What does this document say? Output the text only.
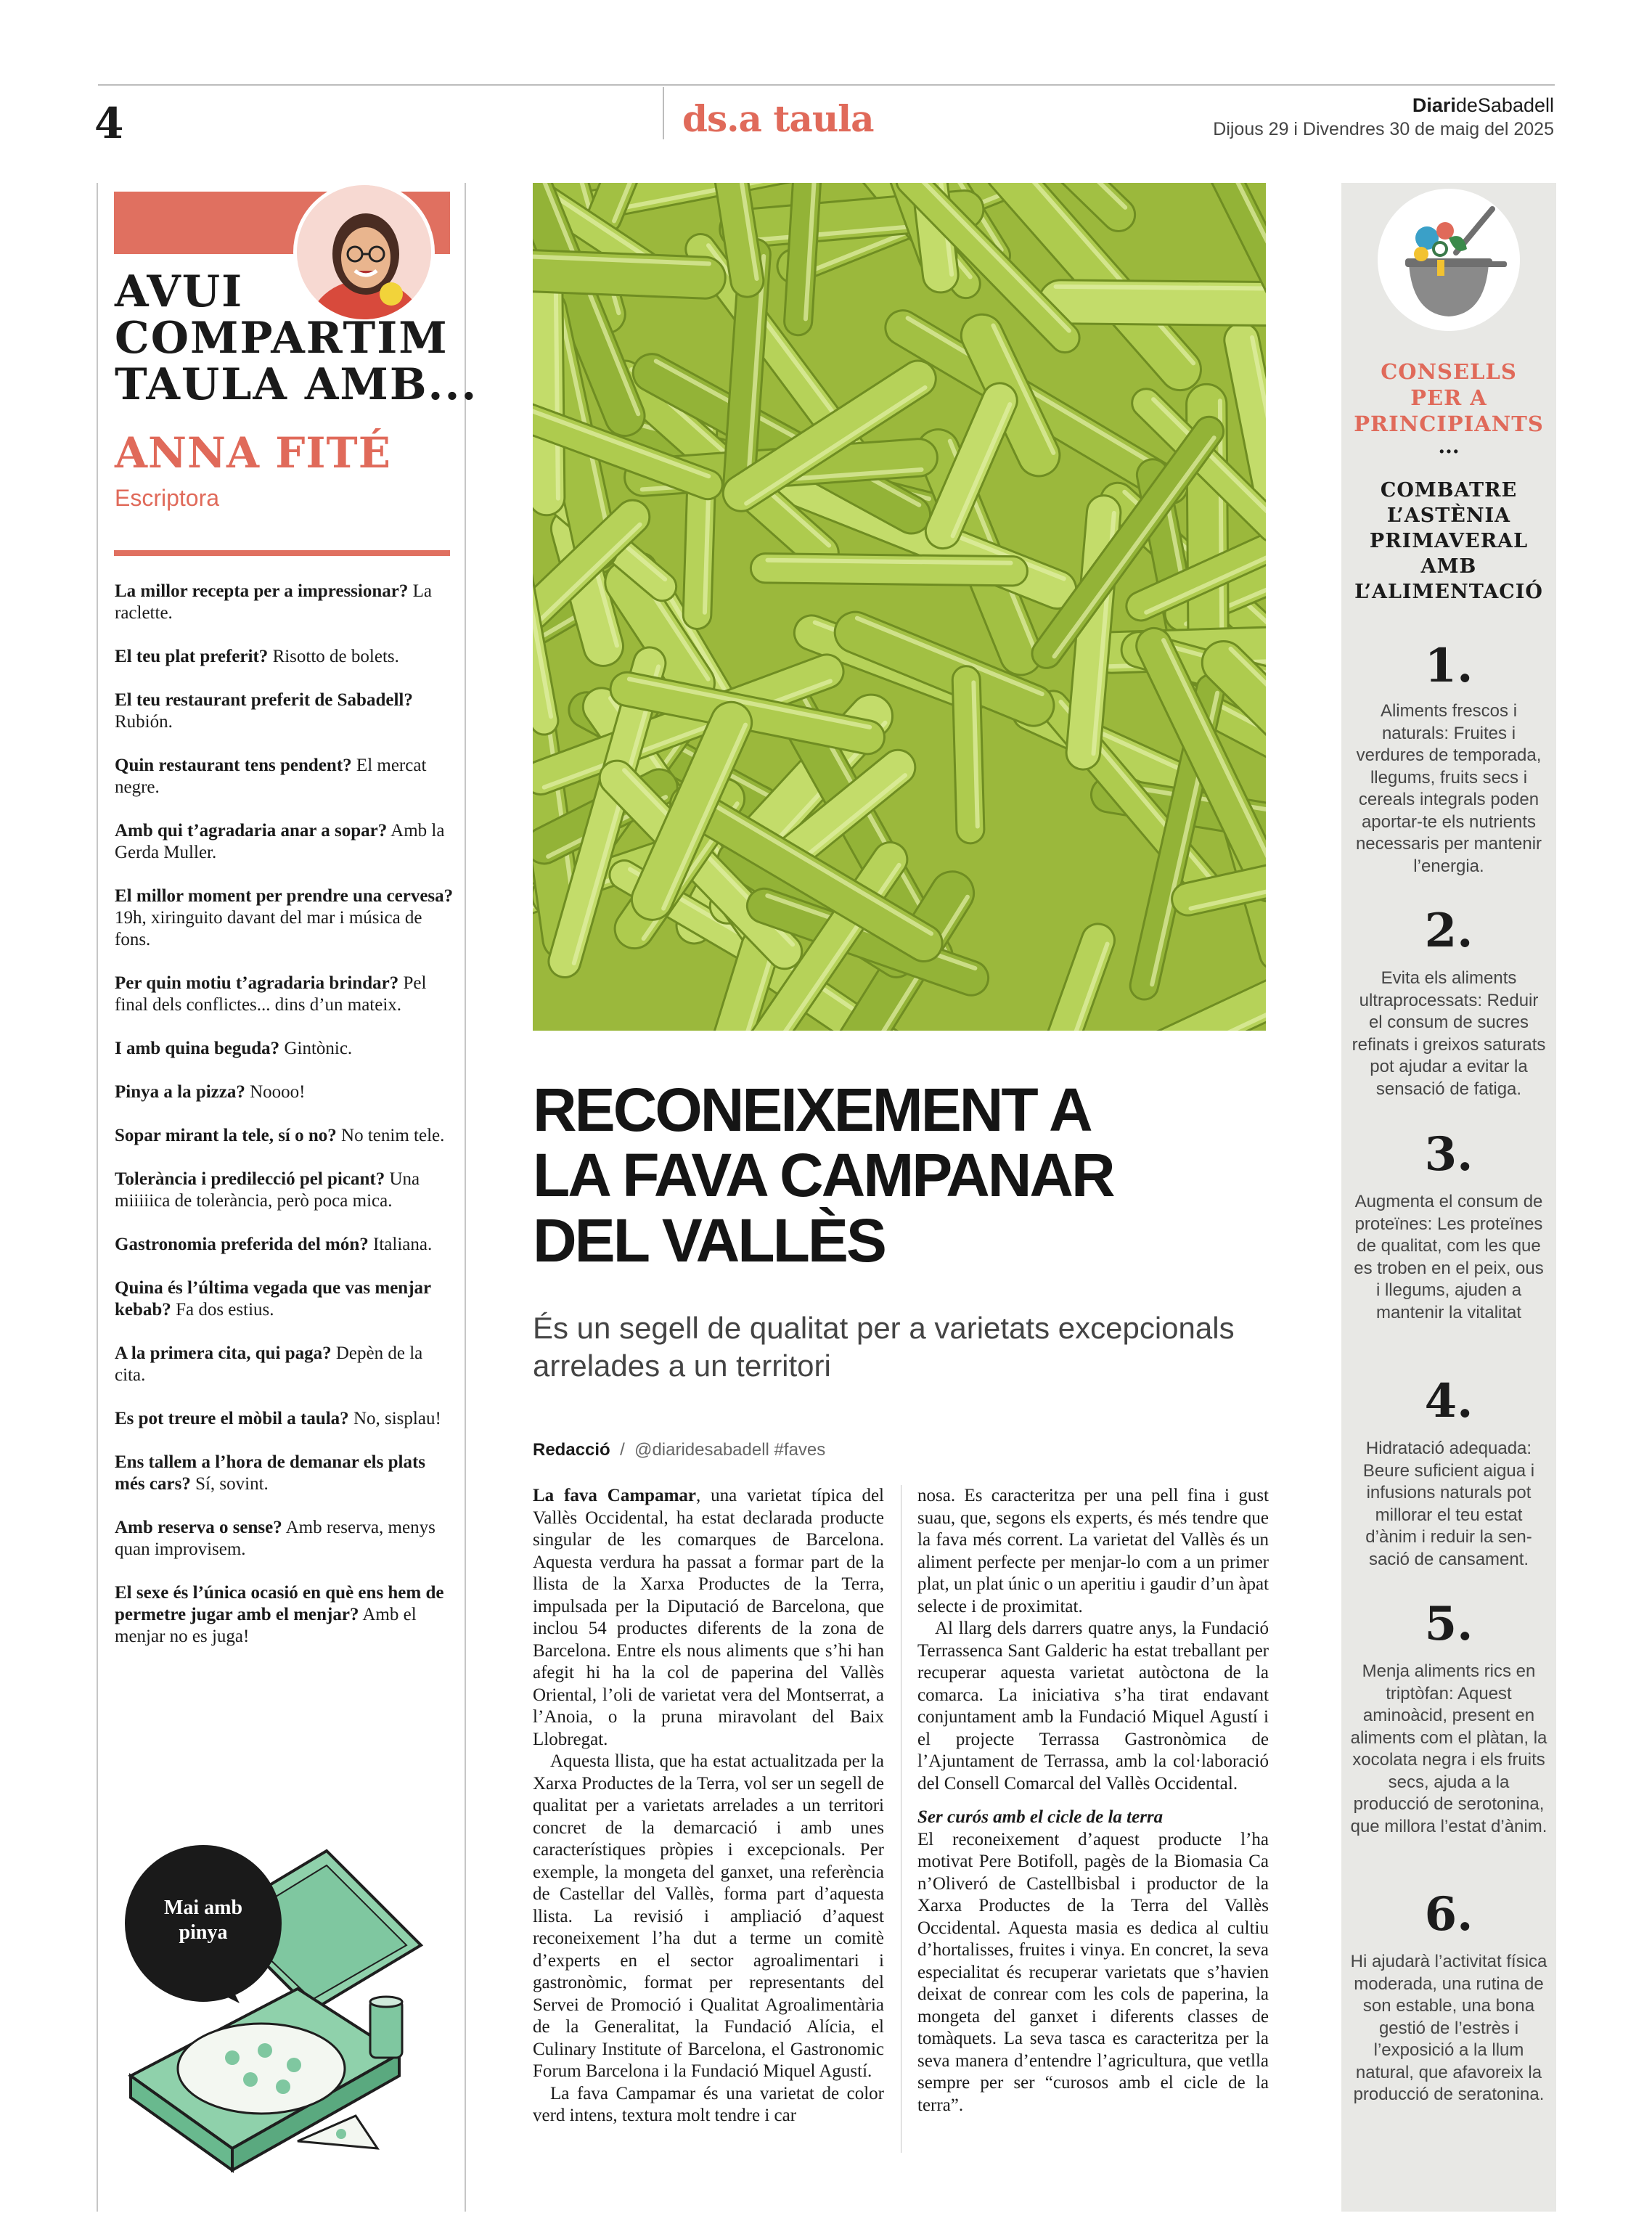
4	ds.a taula	DiarideSabadell
Dijous 29 i Divendres 30 de maig del 2025
AVUI
COMPARTIM
TAULA AMB...
ANNA FITÉ
Escriptora
La millor recepta per a impressionar? La raclette.
El teu plat preferit? Risotto de bolets.
El teu restaurant preferit de Sabadell? Rubión.
Quin restaurant tens pendent? El mercat negre.
Amb qui t’agradaria anar a sopar? Amb la Gerda Muller.
El millor moment per prendre una cervesa? 19h, xiringuito davant del mar i música de fons.
Per quin motiu t’agradaria brindar? Pel final dels conflictes... dins d’un mateix.
I amb quina beguda? Gintònic.
Pinya a la pizza? Noooo!
Sopar mirant la tele, sí o no? No tenim tele.
Tolerància i predilecció pel picant? Una miiiiica de tolerància, però poca mica.
Gastronomia preferida del món? Italiana.
Quina és l’última vegada que vas menjar kebab? Fa dos estius.
A la primera cita, qui paga? Depèn de la cita.
Es pot treure el mòbil a taula? No, sisplau!
Ens tallem a l’hora de demanar els plats més cars? Sí, sovint.
Amb reserva o sense? Amb reserva, menys quan improvisem.
El sexe és l’única ocasió en què ens hem de permetre jugar amb el menjar? Amb el menjar no es juga!
Mai amb
pinya
RECONEIXEMENT A
LA FAVA CAMPANAR
DEL VALLÈS
És un segell de qualitat per a varietats excepcionals arrelades a un territori
Redacció / @diaridesabadell #faves

La fava Campamar, una varietat típica del Vallès Occidental, ha estat declarada producte singular de les comarques de Barcelona. Aquesta verdura ha passat a formar part de la llista de la Xarxa Productes de la Terra, impulsada per la Diputació de Barcelona, que inclou 54 productes diferents de la zona de Barcelona. Entre els nous aliments que s’hi han afegit hi ha la col de paperina del Vallès Oriental, l’oli de varietat vera del Montserrat, a l’Anoia, o la pruna miravolant del Baix Llobregat.

Aquesta llista, que ha estat actualitzada per la Xarxa Productes de la Terra, vol ser un segell de qualitat per a varietats arrelades a un territori concret de la demarcació i amb unes característiques pròpies i excepcionals. Per exemple, la mongeta del ganxet, una referència de Castellar del Vallès, forma part d’aquesta llista. La revisió i ampliació d’aquest reconeixement l’ha dut a terme un comitè d’experts en el sector agroalimentari i gastronòmic, format per representants del Servei de Promoció i Qualitat Agroalimentària de la Generalitat, la Fundació Alícia, el Culinary Institute of Barcelona, el Gastronomic Forum Barcelona i la Fundació Miquel Agustí.

La fava Campamar és una varietat de color verd intens, textura molt tendre i car

nosa. Es caracteritza per una pell fina i gust suau, que, segons els experts, és més tendre que la fava més corrent. La varietat del Vallès és un aliment perfecte per menjar-lo com a un primer plat, un plat únic o un aperitiu i gaudir d’un àpat selecte i de proximitat.

Al llarg dels darrers quatre anys, la Fundació Terrassenca Sant Galderic ha estat treballant per recuperar aquesta varietat autòctona de la comarca. La iniciativa s’ha tirat endavant conjuntament amb la Fundació Miquel Agustí i el projecte Terrassa Gastronòmica de l’Ajuntament de Terrassa, amb la col·laboració del Consell Comarcal del Vallès Occidental.

Ser curós amb el cicle de la terra

El reconeixement d’aquest producte l’ha motivat Pere Botifoll, pagès de la Biomasia Ca n’Oliveró de Castellbisbal i productor de la Xarxa Productes de la Terra del Vallès Occidental. Aquesta masia es dedica al cultiu d’hortalisses, fruites i vinya. En concret, la seva especialitat és recuperar varietats que s’havien deixat de conrear com les cols de paperina, la mongeta del ganxet i diferents classes de tomàquets. La seva tasca es caracteritza per la seva manera d’entendre l’agricultura, que vetlla sempre per ser “curosos amb el cicle de la terra”.

CONSELLS
PER A
PRINCIPIANTS
...
COMBATRE
L’ASTÈNIA
PRIMAVERAL
AMB
L’ALIMENTACIÓ
1.
Aliments frescos i naturals: Fruites i verdures de temporada, llegums, fruits secs i cereals integrals poden aportar-te els nutrients necessaris per mantenir l’energia.
2.
Evita els aliments ultraprocessats: Reduir el consum de sucres refinats i greixos saturats pot ajudar a evitar la sensació de fatiga.
3.
Augmenta el consum de proteïnes: Les proteïnes de qualitat, com les que es troben en el peix, ous i llegums, ajuden a mantenir la vitalitat
4.
Hidratació adequada: Beure suficient aigua i infusions naturals pot millorar el teu estat d’ànim i reduir la sensació de cansament.
5.
Menja aliments rics en triptòfan: Aquest aminoàcid, present en aliments com el plàtan, la xocolata negra i els fruits secs, ajuda a la producció de serotonina, que millora l’estat d’ànim.
6.
Hi ajudarà l’activitat física moderada, una rutina de son estable, una bona gestió de l’estrès i l’exposició a la llum natural, que afavoreix la producció de seratonina.
